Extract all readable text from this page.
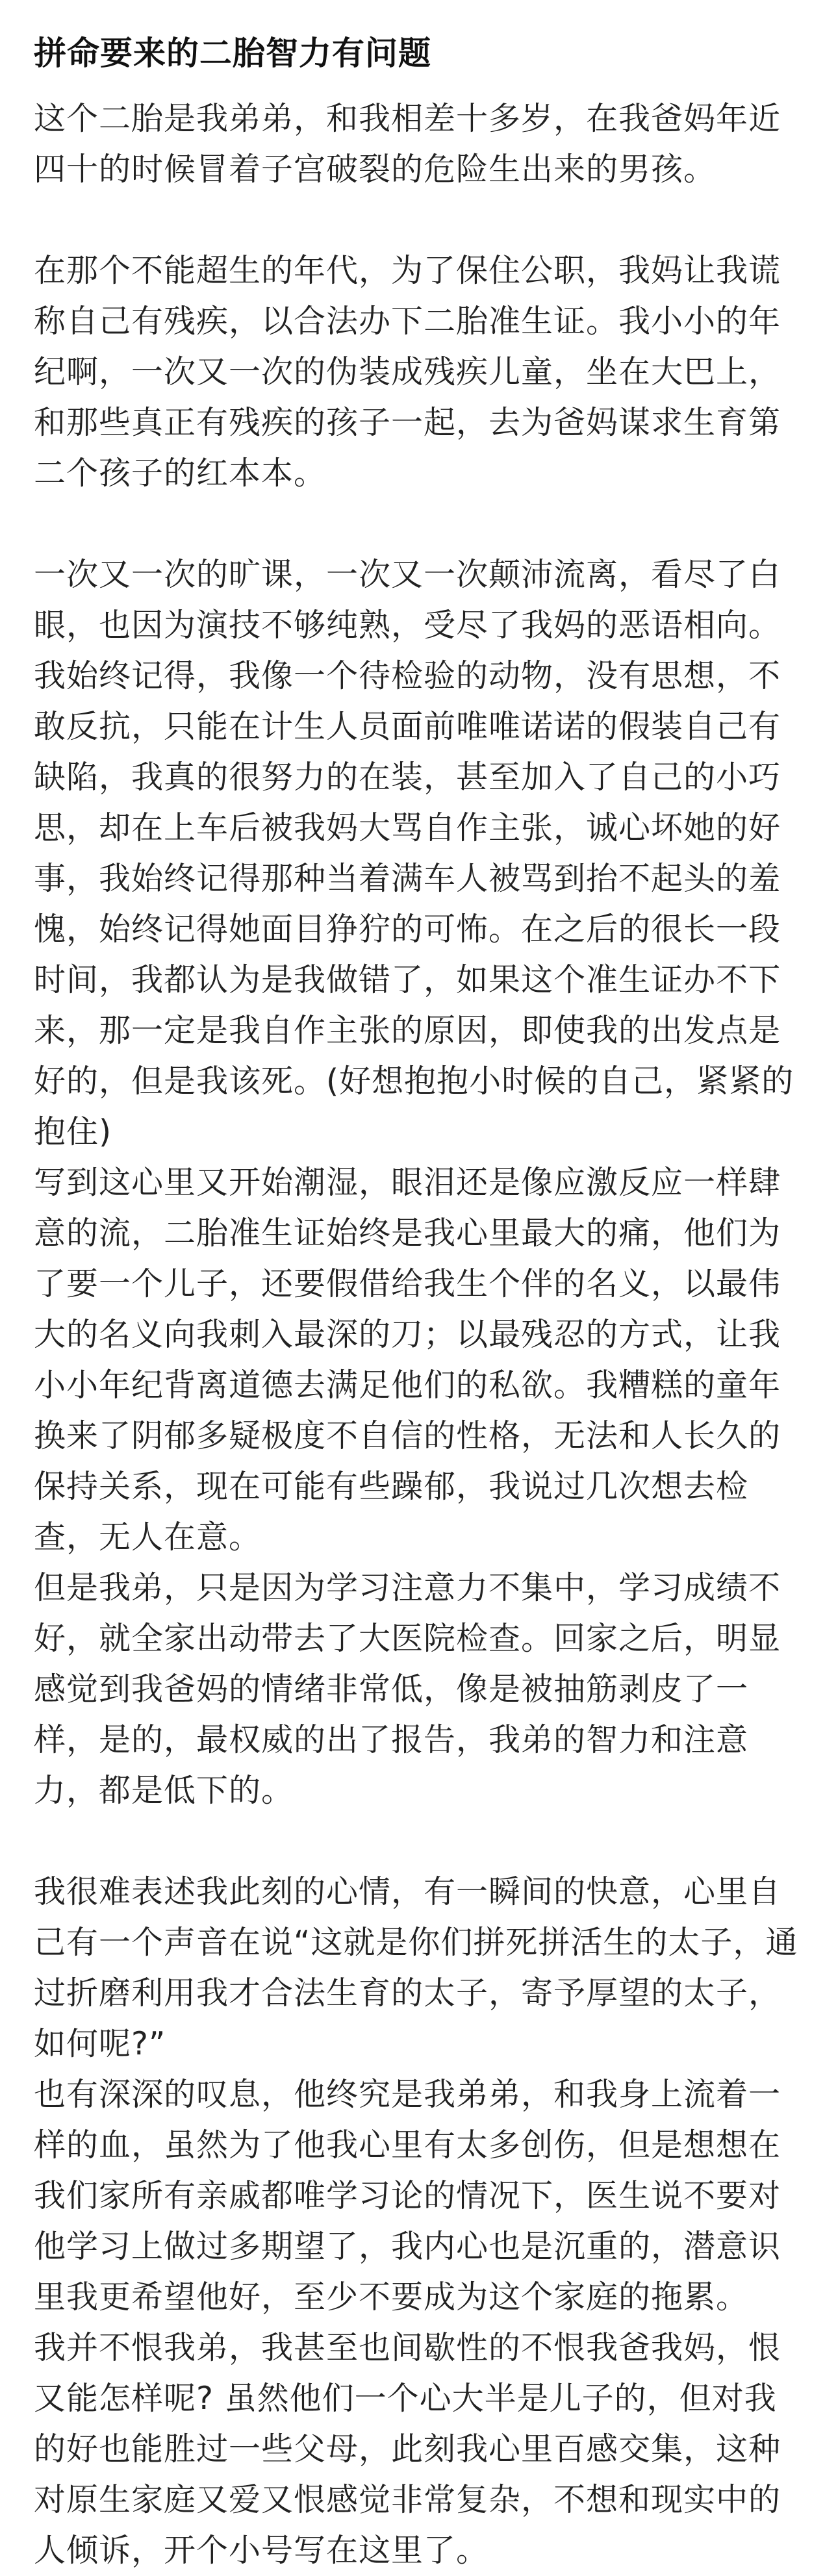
拼命要来的二胎智力有问题

这个二胎是我弟弟，和我相差十多岁，在我爸妈年近四十的时候冒着子宫破裂的危险生出来的男孩。

在那个不能超生的年代，为了保住公职，我妈让我谎称自己有残疾，以合法办下二胎准生证。我小小的年纪啊，一次又一次的伪装成残疾儿童，坐在大巴上，和那些真正有残疾的孩子一起，去为爸妈谋求生育第二个孩子的红本本。

一次又一次的旷课，一次又一次颠沛流离，看尽了白眼，也因为演技不够纯熟，受尽了我妈的恶语相向。我始终记得，我像一个待检验的动物，没有思想，不敢反抗，只能在计生人员面前唯唯诺诺的假装自己有缺陷，我真的很努力的在装，甚至加入了自己的小巧思，却在上车后被我妈大骂自作主张，诚心坏她的好事，我始终记得那种当着满车人被骂到抬不起头的羞愧，始终记得她面目狰狞的可怖。在之后的很长一段时间，我都认为是我做错了，如果这个准生证办不下来，那一定是我自作主张的原因，即使我的出发点是好的，但是我该死。(好想抱抱小时候的自己，紧紧的抱住)

写到这心里又开始潮湿，眼泪还是像应激反应一样肆意的流，二胎准生证始终是我心里最大的痛，他们为了要一个儿子，还要假借给我生个伴的名义，以最伟大的名义向我刺入最深的刀；以最残忍的方式，让我小小年纪背离道德去满足他们的私欲。我糟糕的童年换来了阴郁多疑极度不自信的性格，无法和人长久的保持关系，现在可能有些躁郁，我说过几次想去检查，无人在意。

但是我弟，只是因为学习注意力不集中，学习成绩不好，就全家出动带去了大医院检查。回家之后，明显感觉到我爸妈的情绪非常低，像是被抽筋剥皮了一样，是的，最权威的出了报告，我弟的智力和注意力，都是低下的。

我很难表述我此刻的心情，有一瞬间的快意，心里自己有一个声音在说“这就是你们拼死拼活生的太子，通过折磨利用我才合法生育的太子，寄予厚望的太子，如何呢?”

也有深深的叹息，他终究是我弟弟，和我身上流着一样的血，虽然为了他我心里有太多创伤，但是想想在我们家所有亲戚都唯学习论的情况下，医生说不要对他学习上做过多期望了，我内心也是沉重的，潜意识里我更希望他好，至少不要成为这个家庭的拖累。

我并不恨我弟，我甚至也间歇性的不恨我爸我妈，恨又能怎样呢? 虽然他们一个心大半是儿子的，但对我的好也能胜过一些父母，此刻我心里百感交集，这种对原生家庭又爱又恨感觉非常复杂，不想和现实中的人倾诉，开个小号写在这里了。
